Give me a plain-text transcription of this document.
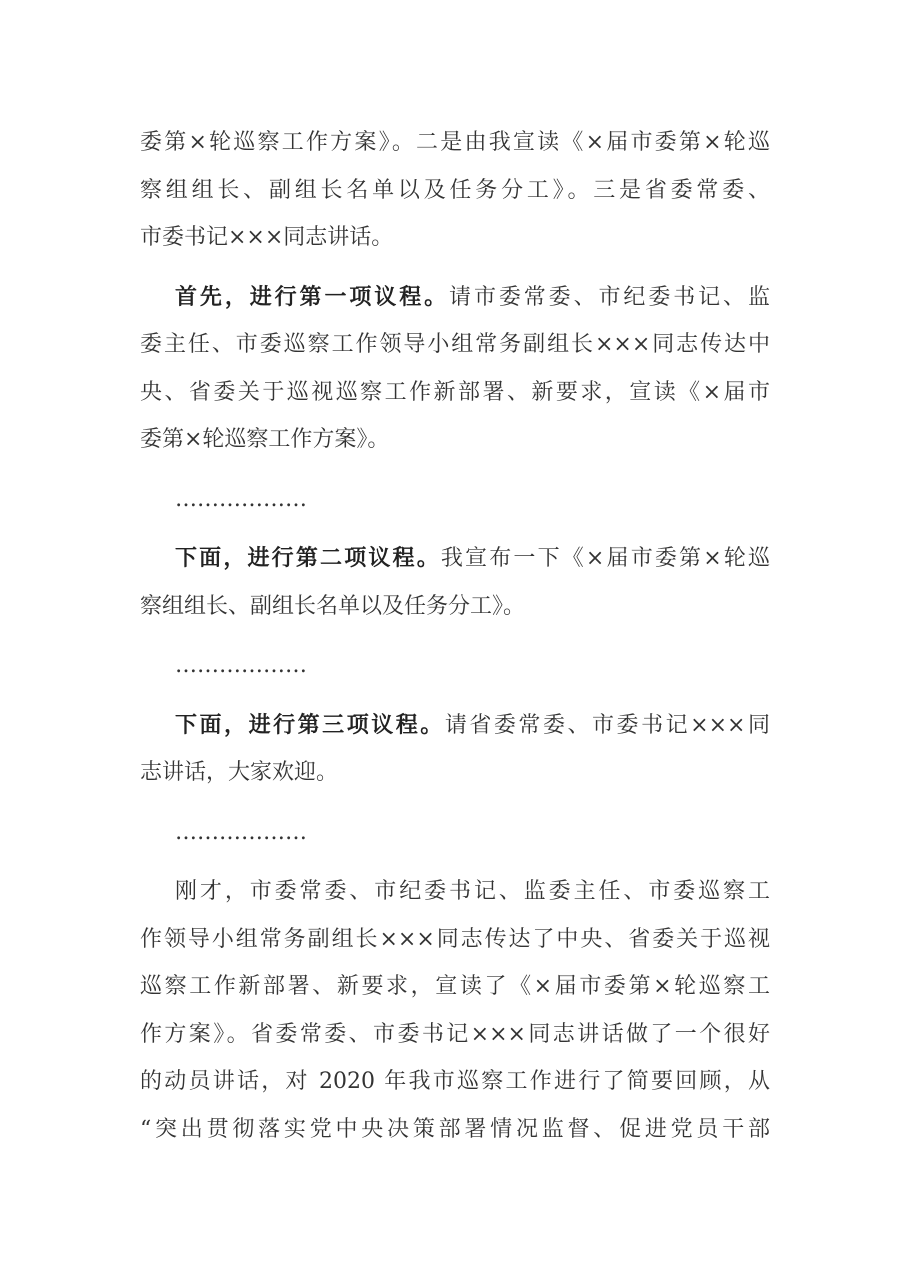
委第×轮巡察工作方案》。二是由我宣读《×届市委第×轮巡
察组组长、副组长名单以及任务分工》。三是省委常委、
市委书记×××同志讲话。
首先，进行第一项议程。请市委常委、市纪委书记、监
委主任、市委巡察工作领导小组常务副组长×××同志传达中
央、省委关于巡视巡察工作新部署、新要求，宣读《×届市
委第×轮巡察工作方案》。
………………
下面，进行第二项议程。我宣布一下《×届市委第×轮巡
察组组长、副组长名单以及任务分工》。
………………
下面，进行第三项议程。请省委常委、市委书记×××同
志讲话，大家欢迎。
………………
刚才，市委常委、市纪委书记、监委主任、市委巡察工
作领导小组常务副组长×××同志传达了中央、省委关于巡视
巡察工作新部署、新要求，宣读了《×届市委第×轮巡察工
作方案》。省委常委、市委书记×××同志讲话做了一个很好
的动员讲话，对 2020 年我市巡察工作进行了简要回顾，从
“突出贯彻落实党中央决策部署情况监督、促进党员干部
